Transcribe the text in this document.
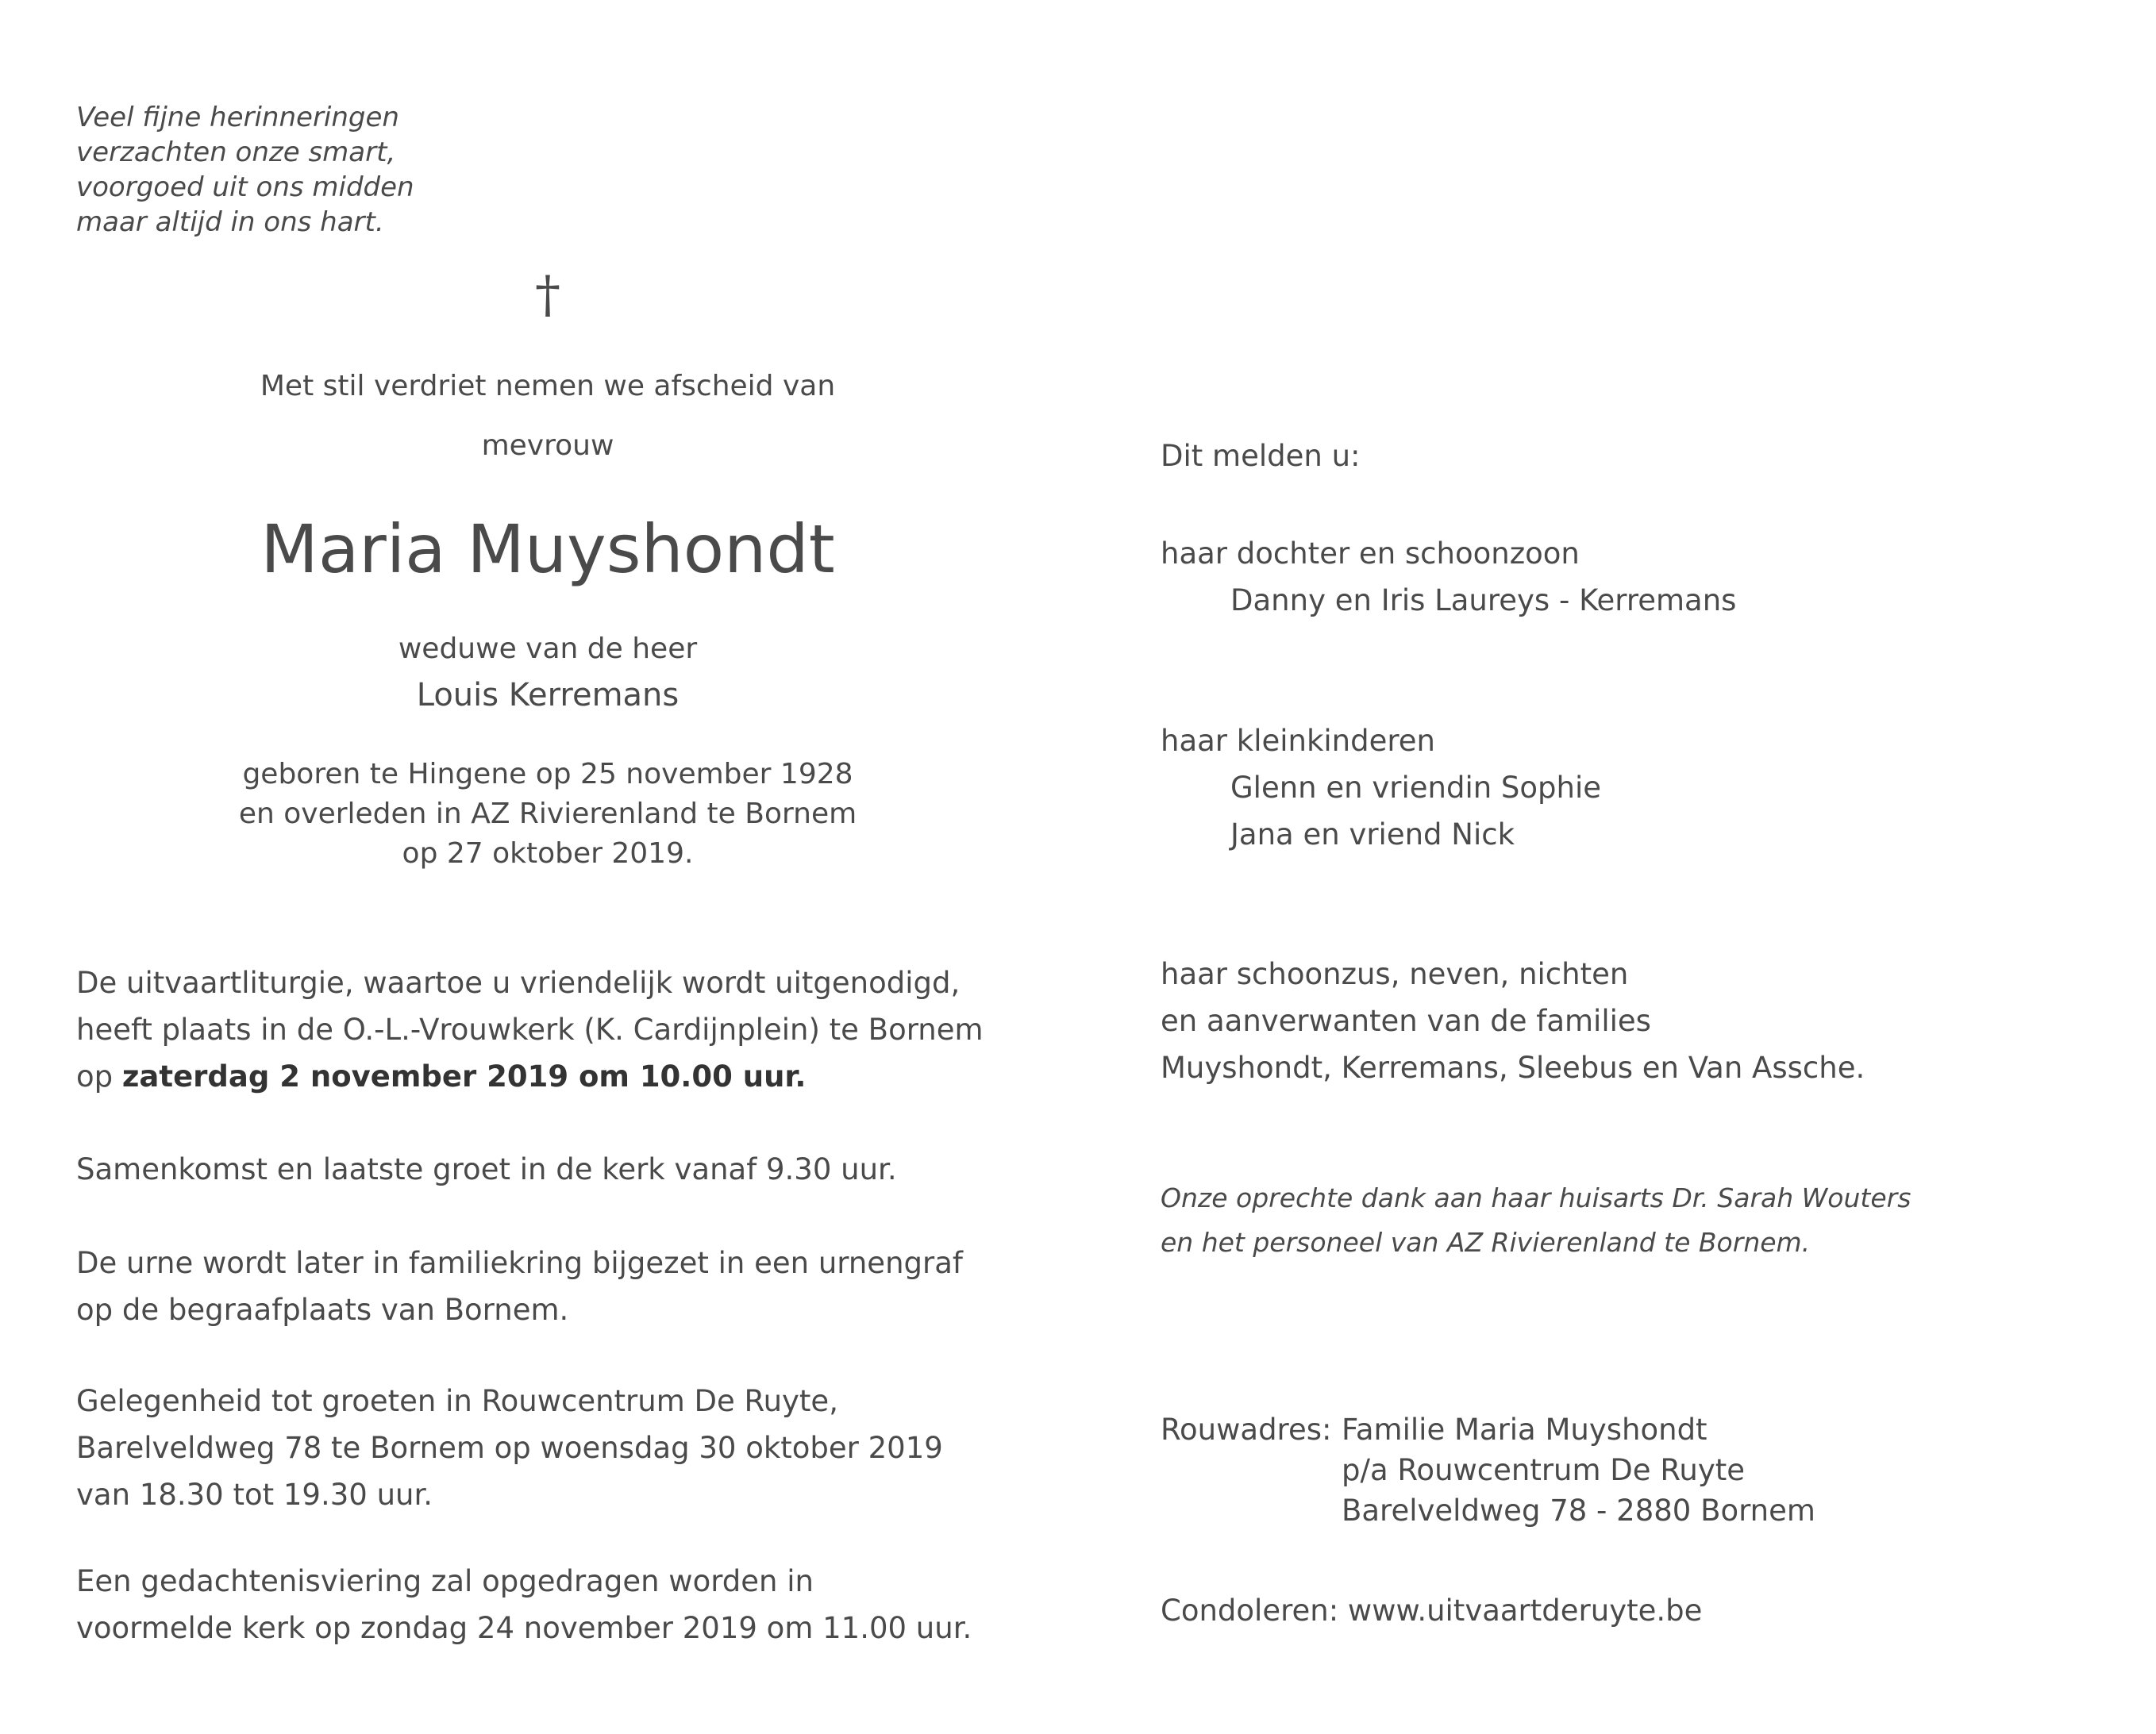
Veel fijne herinneringen
verzachten onze smart,
voorgoed uit ons midden
maar altijd in ons hart.
†
Met stil verdriet nemen we afscheid van
mevrouw
Maria Muyshondt
weduwe van de heer
Louis Kerremans
geboren te Hingene op 25 november 1928
en overleden in AZ Rivierenland te Bornem
op 27 oktober 2019.
De uitvaartliturgie, waartoe u vriendelijk wordt uitgenodigd,
heeft plaats in de O.-L.-Vrouwkerk (K. Cardijnplein) te Bornem
op zaterdag 2 november 2019 om 10.00 uur.
Samenkomst en laatste groet in de kerk vanaf 9.30 uur.
De urne wordt later in familiekring bijgezet in een urnengraf
op de begraafplaats van Bornem.
Gelegenheid tot groeten in Rouwcentrum De Ruyte,
Barelveldweg 78 te Bornem op woensdag 30 oktober 2019
van 18.30 tot 19.30 uur.
Een gedachtenisviering zal opgedragen worden in
voormelde kerk op zondag 24 november 2019 om 11.00 uur.
Dit melden u:
haar dochter en schoonzoon
Danny en Iris Laureys - Kerremans
haar kleinkinderen
Glenn en vriendin Sophie
Jana en vriend Nick
haar schoonzus, neven, nichten
en aanverwanten van de families
Muyshondt, Kerremans, Sleebus en Van Assche.
Onze oprechte dank aan haar huisarts Dr. Sarah Wouters
en het personeel van AZ Rivierenland te Bornem.
Rouwadres: Familie Maria Muyshondt
p/a Rouwcentrum De Ruyte
Barelveldweg 78 - 2880 Bornem
Condoleren: www.uitvaartderuyte.be
